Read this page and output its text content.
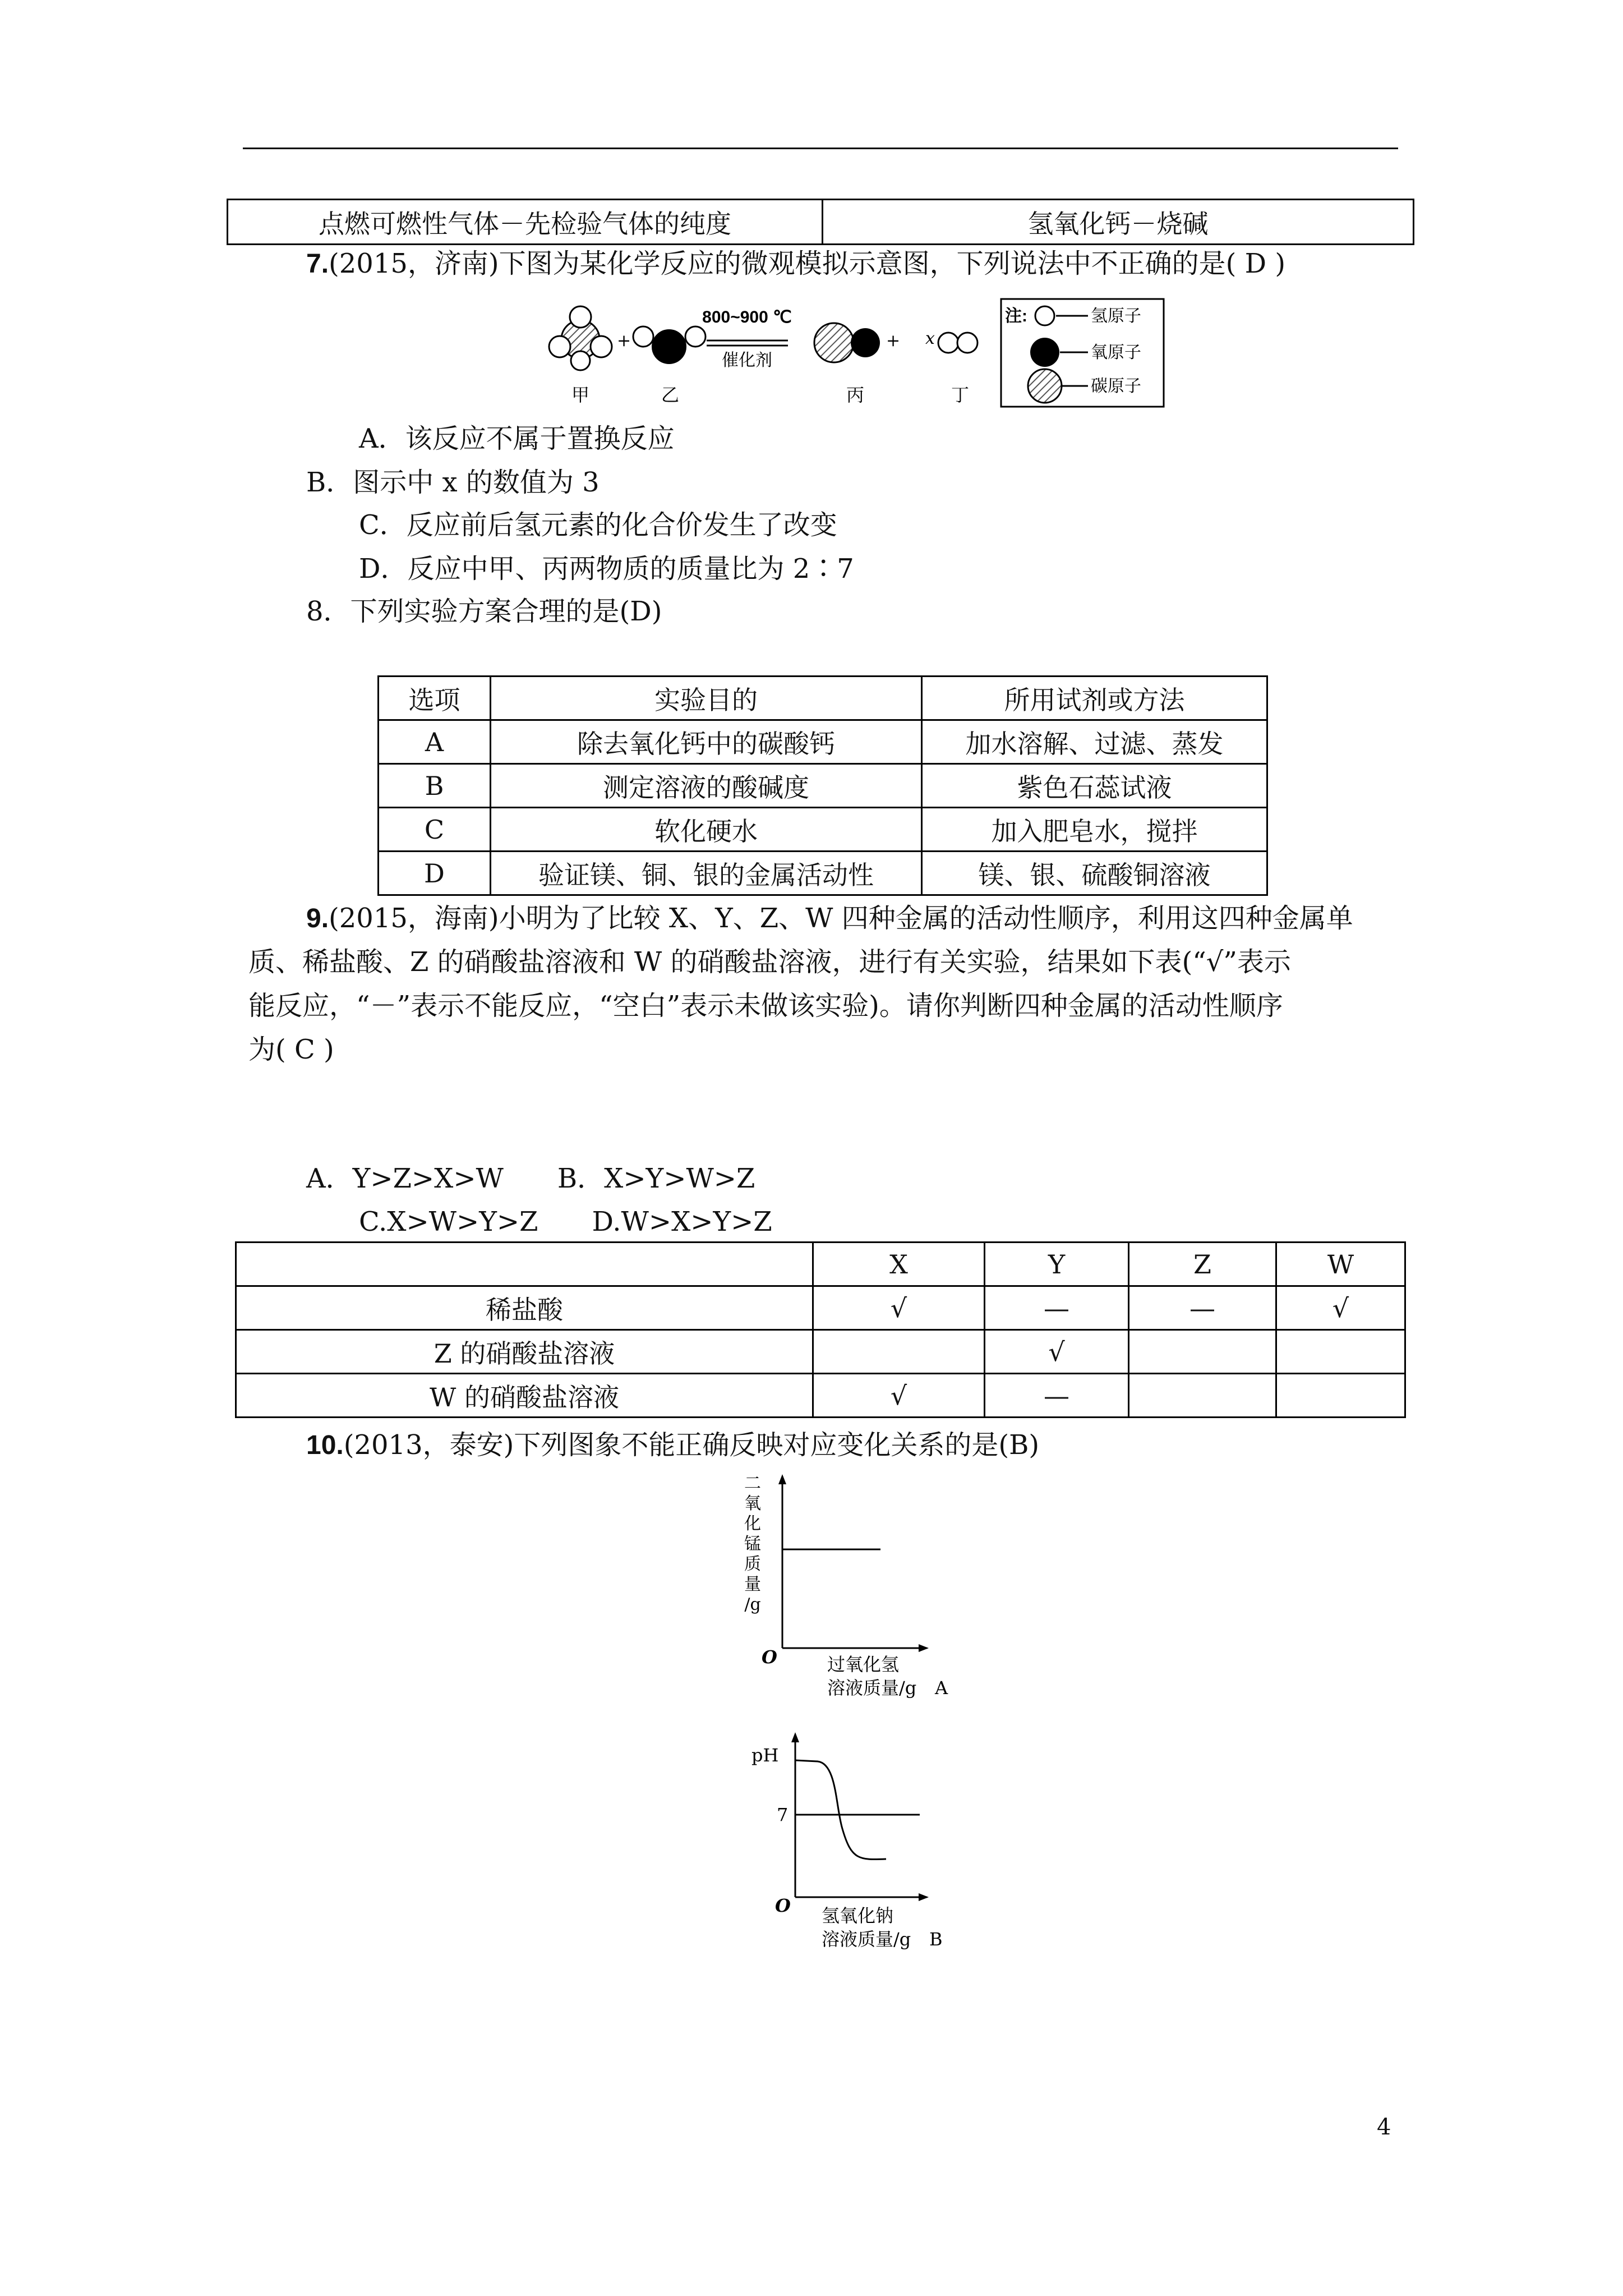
点燃可燃性气体－先检验气体的纯度	氢氧化钙－烧碱
7.(2015，济南)下图为某化学反应的微观模拟示意图，下列说法中不正确的是( D )
+
800~900 ℃
催化剂
+ x
甲	乙	丙	丁
注:	氢原子
氧原子
碳原子
A．该反应不属于置换反应
B．图示中 x 的数值为 3
C．反应前后氢元素的化合价发生了改变
D．反应中甲、丙两物质的质量比为 2∶7
8．下列实验方案合理的是(D)
选项	实验目的	所用试剂或方法
A	除去氧化钙中的碳酸钙	加水溶解、过滤、蒸发
B	测定溶液的酸碱度	紫色石蕊试液
C	软化硬水	加入肥皂水，搅拌
D	验证镁、铜、银的金属活动性	镁、银、硫酸铜溶液
9.(2015，海南)小明为了比较 X、Y、Z、W 四种金属的活动性顺序，利用这四种金属单
质、稀盐酸、Z 的硝酸盐溶液和 W 的硝酸盐溶液，进行有关实验，结果如下表(“√”表示
能反应，“－”表示不能反应，“空白”表示未做该实验)。请你判断四种金属的活动性顺序
为( C )
A．Y>Z>X>W　　B．X>Y>W>Z
C.X>W>Y>Z　　D.W>X>Y>Z
	X	Y	Z	W
稀盐酸	√	—	—	√
Z 的硝酸盐溶液		√		
W 的硝酸盐溶液	√	—		
10.(2013，泰安)下列图象不能正确反映对应变化关系的是(B)
二
氧
化
锰
质
量
/g
O	过氧化氢
溶液质量/g A
pH
7
O 氢氧化钠
溶液质量/g B
4
